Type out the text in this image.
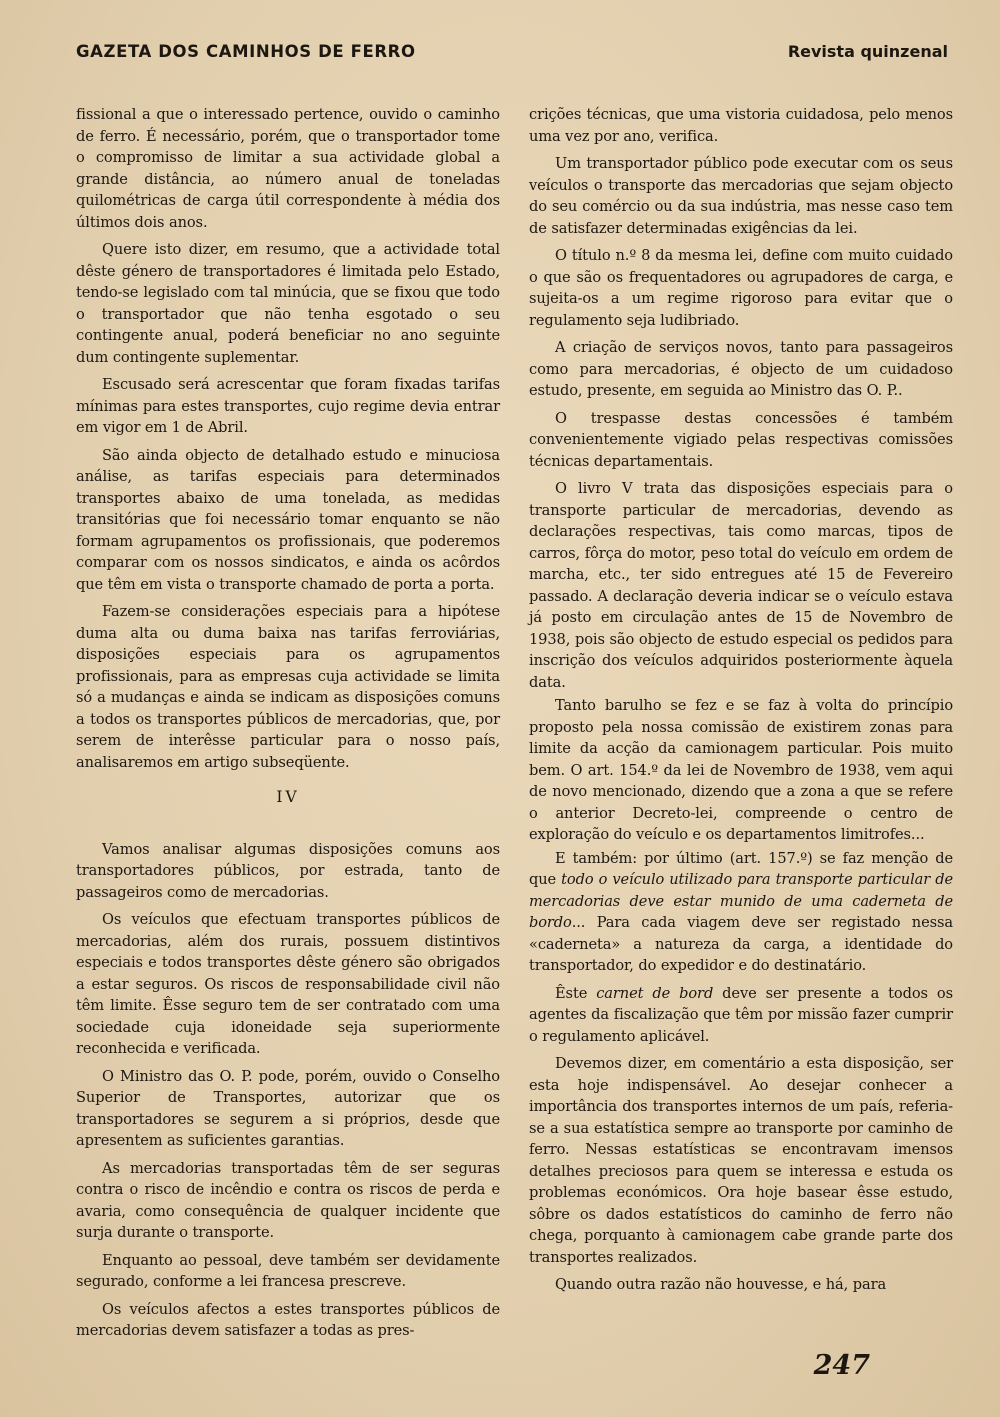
GAZETA DOS CAMINHOS DE FERRO	Revista quinzenal

fissional a que o interessado pertence, ouvido o caminho de ferro. É necessário, porém, que o transportador tome o compromisso de limitar a sua actividade global a grande distância, ao número anual de toneladas quilométricas de carga útil correspondente à média dos últimos dois anos.

Quere isto dizer, em resumo, que a actividade total dêste género de transportadores é limitada pelo Estado, tendo-se legislado com tal minúcia, que se fixou que todo o transportador que não tenha esgotado o seu contingente anual, poderá beneficiar no ano seguinte dum contingente suplementar.

Escusado será acrescentar que foram fixadas tarifas mínimas para estes transportes, cujo regime devia entrar em vigor em 1 de Abril.

São ainda objecto de detalhado estudo e minuciosa análise, as tarifas especiais para determinados transportes abaixo de uma tonelada, as medidas transitórias que foi necessário tomar enquanto se não formam agrupamentos os profissionais, que poderemos comparar com os nossos sindicatos, e ainda os acôrdos que têm em vista o transporte chamado de porta a porta.

Fazem-se considerações especiais para a hipótese duma alta ou duma baixa nas tarifas ferroviárias, disposições especiais para os agrupamentos profissionais, para as empresas cuja actividade se limita só a mudanças e ainda se indicam as disposições comuns a todos os transportes públicos de mercadorias, que, por serem de interêsse particular para o nosso país, analisaremos em artigo subseqüente.

IV

Vamos analisar algumas disposições comuns aos transportadores públicos, por estrada, tanto de passageiros como de mercadorias.

Os veículos que efectuam transportes públicos de mercadorias, além dos rurais, possuem distintivos especiais e todos transportes dêste género são obrigados a estar seguros. Os riscos de responsabilidade civil não têm limite. Êsse seguro tem de ser contratado com uma sociedade cuja idoneidade seja superiormente reconhecida e verificada.

O Ministro das O. P. pode, porém, ouvido o Conselho Superior de Transportes, autorizar que os transportadores se segurem a si próprios, desde que apresentem as suficientes garantias.

As mercadorias transportadas têm de ser seguras contra o risco de incêndio e contra os riscos de perda e avaria, como consequência de qualquer incidente que surja durante o transporte.

Enquanto ao pessoal, deve também ser devidamente segurado, conforme a lei francesa prescreve.

Os veículos afectos a estes transportes públicos de mercadorias devem satisfazer a todas as pres-

crições técnicas, que uma vistoria cuidadosa, pelo menos uma vez por ano, verifica.

Um transportador público pode executar com os seus veículos o transporte das mercadorias que sejam objecto do seu comércio ou da sua indústria, mas nesse caso tem de satisfazer determinadas exigências da lei.

O título n.º 8 da mesma lei, define com muito cuidado o que são os frequentadores ou agrupadores de carga, e sujeita-os a um regime rigoroso para evitar que o regulamento seja ludibriado.

A criação de serviços novos, tanto para passageiros como para mercadorias, é objecto de um cuidadoso estudo, presente, em seguida ao Ministro das O. P..

O trespasse destas concessões é também convenientemente vigiado pelas respectivas comissões técnicas departamentais.

O livro V trata das disposições especiais para o transporte particular de mercadorias, devendo as declarações respectivas, tais como marcas, tipos de carros, fôrça do motor, peso total do veículo em ordem de marcha, etc., ter sido entregues até 15 de Fevereiro passado. A declaração deveria indicar se o veículo estava já posto em circulação antes de 15 de Novembro de 1938, pois são objecto de estudo especial os pedidos para inscrição dos veículos adquiridos posteriormente àquela data.

Tanto barulho se fez e se faz à volta do princípio proposto pela nossa comissão de existirem zonas para limite da acção da camionagem particular. Pois muito bem. O art. 154.º da lei de Novembro de 1938, vem aqui de novo mencionado, dizendo que a zona a que se refere o anterior Decreto-lei, compreende o centro de exploração do veículo e os departamentos limitrofes...

E também: por último (art. 157.º) se faz menção de que todo o veículo utilizado para transporte particular de mercadorias deve estar munido de uma caderneta de bordo... Para cada viagem deve ser registado nessa «caderneta» a natureza da carga, a identidade do transportador, do expedidor e do destinatário.

Êste carnet de bord deve ser presente a todos os agentes da fiscalização que têm por missão fazer cumprir o regulamento aplicável.

Devemos dizer, em comentário a esta disposição, ser esta hoje indispensável. Ao desejar conhecer a importância dos transportes internos de um país, referia-se a sua estatística sempre ao transporte por caminho de ferro. Nessas estatísticas se encontravam imensos detalhes preciosos para quem se interessa e estuda os problemas económicos. Ora hoje basear êsse estudo, sôbre os dados estatísticos do caminho de ferro não chega, porquanto à camionagem cabe grande parte dos transportes realizados.

Quando outra razão não houvesse, e há, para

247
